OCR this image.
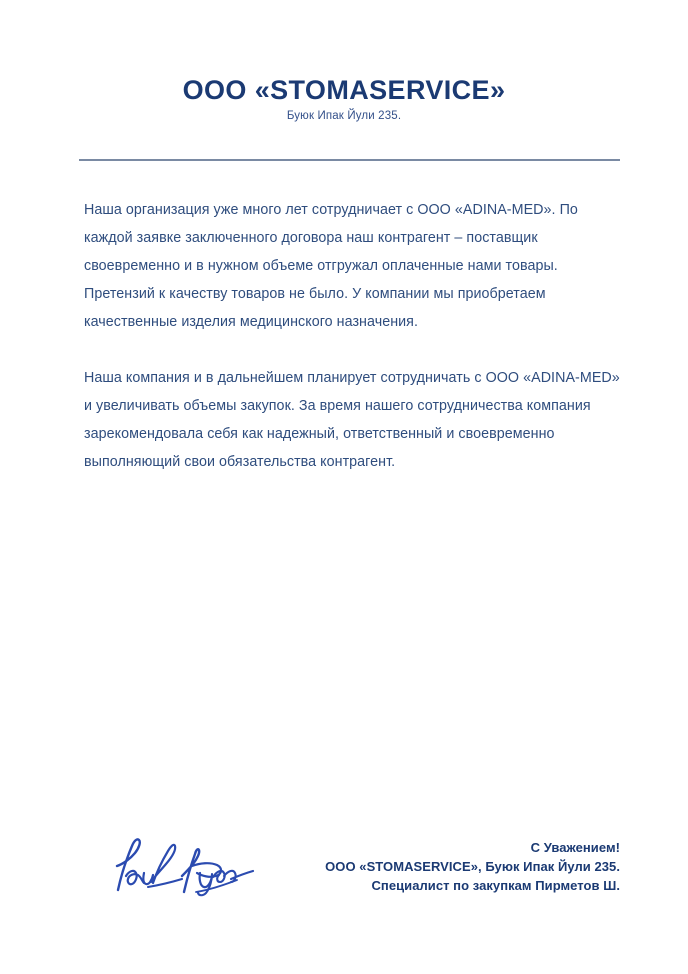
ООО «STOMASERVICE»
Буюк Ипак Йули 235.

Наша организация уже много лет сотрудничает с ООО «ADINA-MED». По каждой заявке заключенного договора наш контрагент – поставщик своевременно и в нужном объеме отгружал оплаченные нами товары. Претензий к качеству товаров не было. У компании мы приобретаем качественные изделия медицинского назначения.

Наша компания и в дальнейшем планирует сотрудничать с ООО «ADINA-MED» и увеличивать объемы закупок. За время нашего сотрудничества компания зарекомендовала себя как надежный, ответственный и своевременно выполняющий свои обязательства контрагент.

С Уважением!
ООО «STOMASERVICE», Буюк Ипак Йули 235.
Специалист по закупкам Пирметов Ш.
